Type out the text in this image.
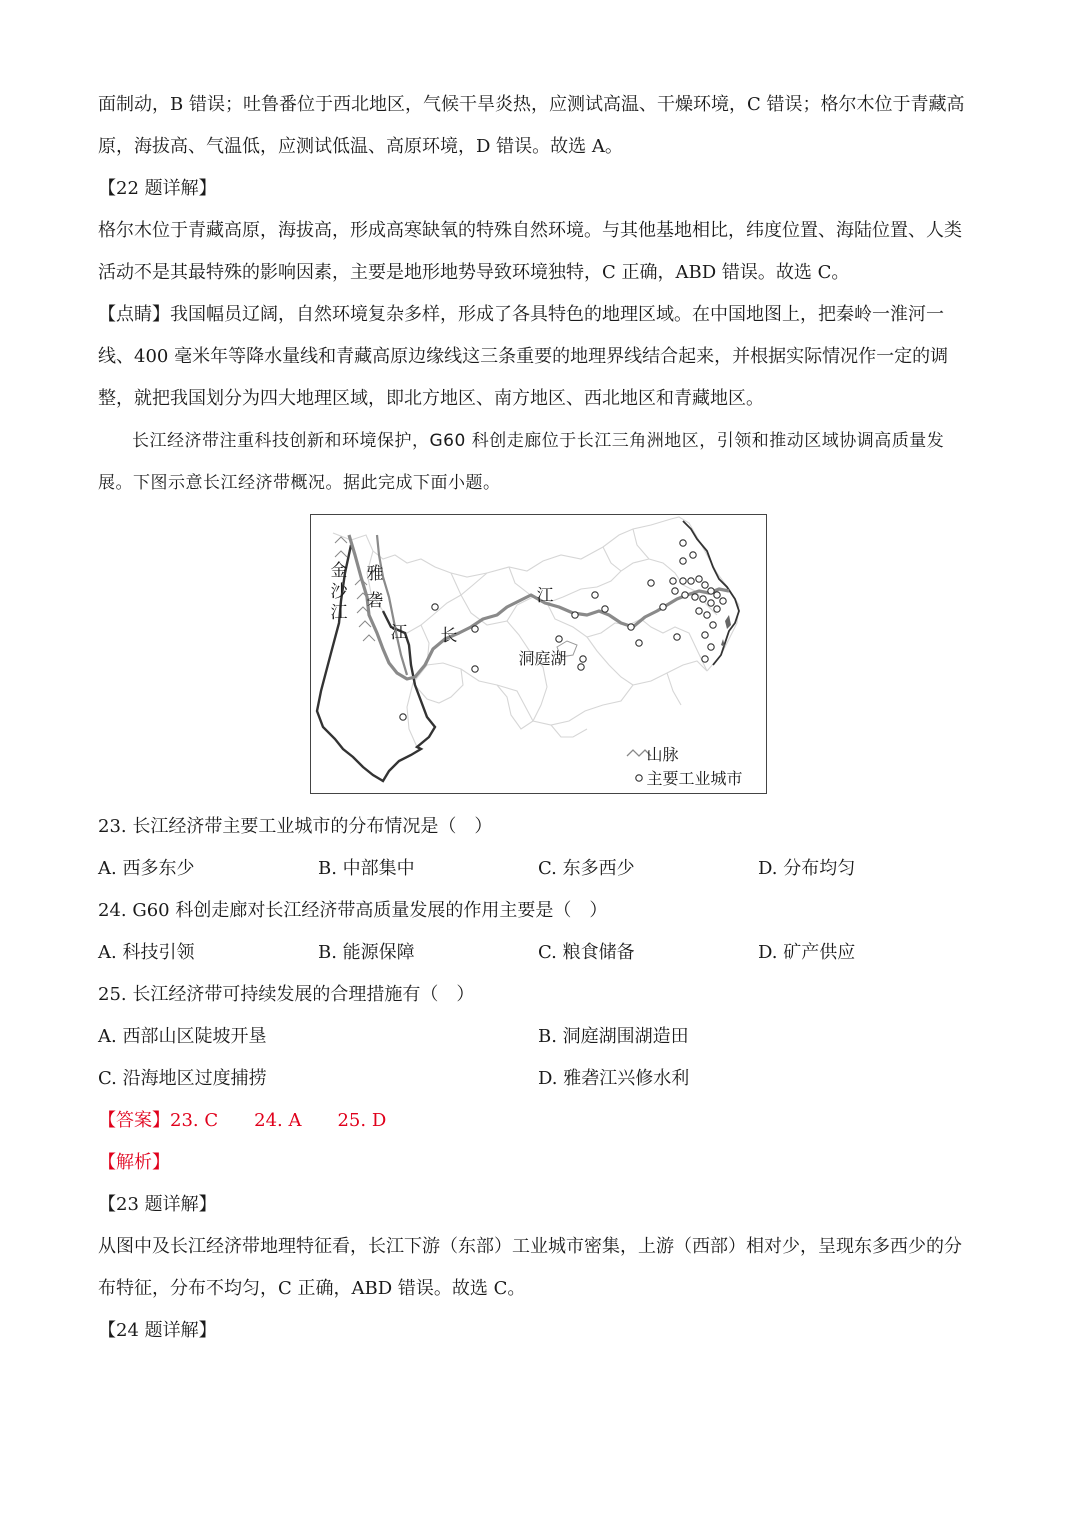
面制动，B 错误；吐鲁番位于西北地区，气候干旱炎热，应测试高温、干燥环境，C 错误；格尔木位于青藏高原，海拔高、气温低，应测试低温、高原环境，D 错误。故选 A。

【22 题详解】

格尔木位于青藏高原，海拔高，形成高寒缺氧的特殊自然环境。与其他基地相比，纬度位置、海陆位置、人类活动不是其最特殊的影响因素，主要是地形地势导致环境独特，C 正确，ABD 错误。故选 C。

【点睛】我国幅员辽阔，自然环境复杂多样，形成了各具特色的地理区域。在中国地图上，把秦岭一淮河一线、400 毫米年等降水量线和青藏高原边缘线这三条重要的地理界线结合起来，并根据实际情况作一定的调整，就把我国划分为四大地理区域，即北方地区、南方地区、西北地区和青藏地区。

长江经济带注重科技创新和环境保护，G60 科创走廊位于长江三角洲地区，引领和推动区域协调高质量发展。下图示意长江经济带概况。据此完成下面小题。

金
沙
江
雅
砻
江 长
江
洞庭湖
山脉
主要工业城市

23. 长江经济带主要工业城市的分布情况是（　）

A. 西多东少	B. 中部集中	C. 东多西少	D. 分布均匀

24. G60 科创走廊对长江经济带高质量发展的作用主要是（　）

A. 科技引领	B. 能源保障	C. 粮食储备	D. 矿产供应

25. 长江经济带可持续发展的合理措施有（　）

A. 西部山区陡坡开垦	B. 洞庭湖围湖造田
C. 沿海地区过度捕捞	D. 雅砻江兴修水利

【答案】23. C 24. A 25. D

【解析】

【23 题详解】

从图中及长江经济带地理特征看，长江下游（东部）工业城市密集，上游（西部）相对少，呈现东多西少的分布特征，分布不均匀，C 正确，ABD 错误。故选 C。

【24 题详解】
